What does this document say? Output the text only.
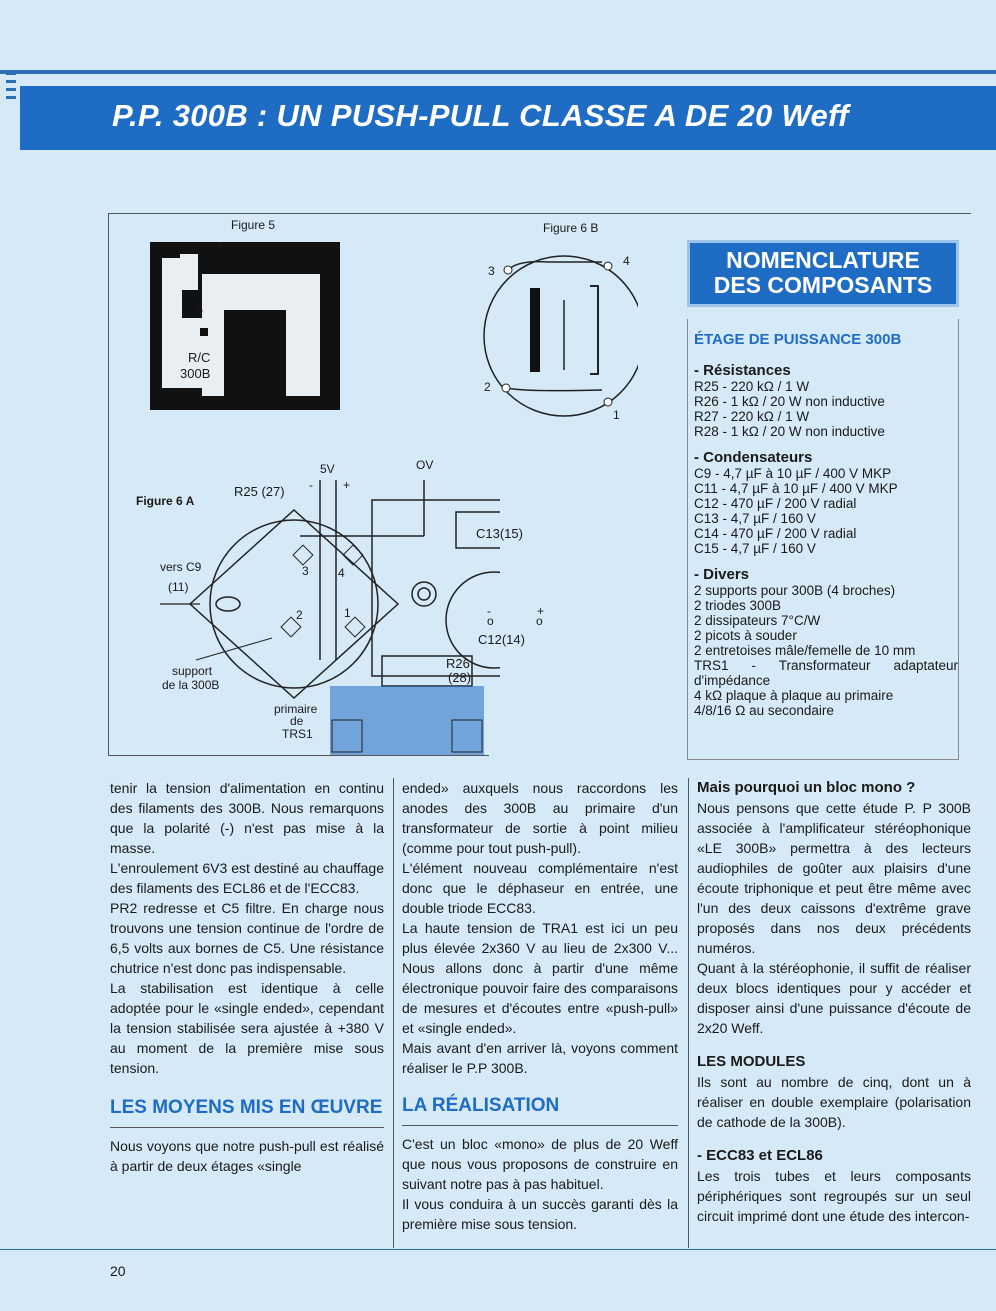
P.P. 300B : UN PUSH-PULL CLASSE A DE 20 Weff
Figure 5
- +
+
R/C
300B
Figure 6 B
3
4
2
1
Figure 6 A
R25 (27)
5V	OV
-	+
C13(15)
C12(14)
-	+
o	o
vers C9
(11)
3 4
2	1
support
de la 300B
R26
(28)
primaire
de
TRS1
NOMENCLATURE
DES COMPOSANTS
ÉTAGE DE PUISSANCE 300B
- Résistances
R25 - 220 kΩ / 1 W
R26 - 1 kΩ / 20 W non inductive
R27 - 220 kΩ / 1 W
R28 - 1 kΩ / 20 W non inductive
- Condensateurs
C9 - 4,7 µF à 10 µF / 400 V MKP
C11 - 4,7 µF à 10 µF / 400 V MKP
C12 - 470 µF / 200 V radial
C13 - 4,7 µF / 160 V
C14 - 470 µF / 200 V radial
C15 - 4,7 µF / 160 V
- Divers
2 supports pour 300B (4 broches)
2 triodes 300B
2 dissipateurs 7°C/W
2 picots à souder
2 entretoises mâle/femelle de 10 mm
TRS1 - Transformateur adaptateur d'impédance
4 kΩ plaque à plaque au primaire
4/8/16 Ω au secondaire

tenir la tension d'alimentation en continu des filaments des 300B. Nous remarquons que la polarité (-) n'est pas mise à la masse.

L'enroulement 6V3 est destiné au chauffage des filaments des ECL86 et de l'ECC83.

PR2 redresse et C5 filtre. En charge nous trouvons une tension continue de l'ordre de 6,5 volts aux bornes de C5. Une résistance chutrice n'est donc pas indispensable.

La stabilisation est identique à celle adoptée pour le «single ended», cependant la tension stabilisée sera ajustée à +380 V au moment de la première mise sous tension.

LES MOYENS MIS EN ŒUVRE

Nous voyons que notre push-pull est réalisé à partir de deux étages «single

ended» auxquels nous raccordons les anodes des 300B au primaire d'un transformateur de sortie à point milieu (comme pour tout push-pull).

L'élément nouveau complémentaire n'est donc que le déphaseur en entrée, une double triode ECC83.

La haute tension de TRA1 est ici un peu plus élevée 2x360 V au lieu de 2x300 V... Nous allons donc à partir d'une même électronique pouvoir faire des comparaisons de mesures et d'écoutes entre «push-pull» et «single ended».

Mais avant d'en arriver là, voyons comment réaliser le P.P 300B.

LA RÉALISATION

C'est un bloc «mono» de plus de 20 Weff que nous vous proposons de construire en suivant notre pas à pas habituel.

Il vous conduira à un succès garanti dès la première mise sous tension.

Mais pourquoi un bloc mono ?

Nous pensons que cette étude P. P 300B associée à l'amplificateur stéréophonique «LE 300B» permettra à des lecteurs audiophiles de goûter aux plaisirs d'une écoute triphonique et peut être même avec l'un des deux caissons d'extrême grave proposés dans nos deux précédents numéros.

Quant à la stéréophonie, il suffit de réaliser deux blocs identiques pour y accéder et disposer ainsi d'une puissance d'écoute de 2x20 Weff.

LES MODULES

Ils sont au nombre de cinq, dont un à réaliser en double exemplaire (polarisation de cathode de la 300B).

- ECC83 et ECL86

Les trois tubes et leurs composants périphériques sont regroupés sur un seul circuit imprimé dont une étude des intercon-

20
